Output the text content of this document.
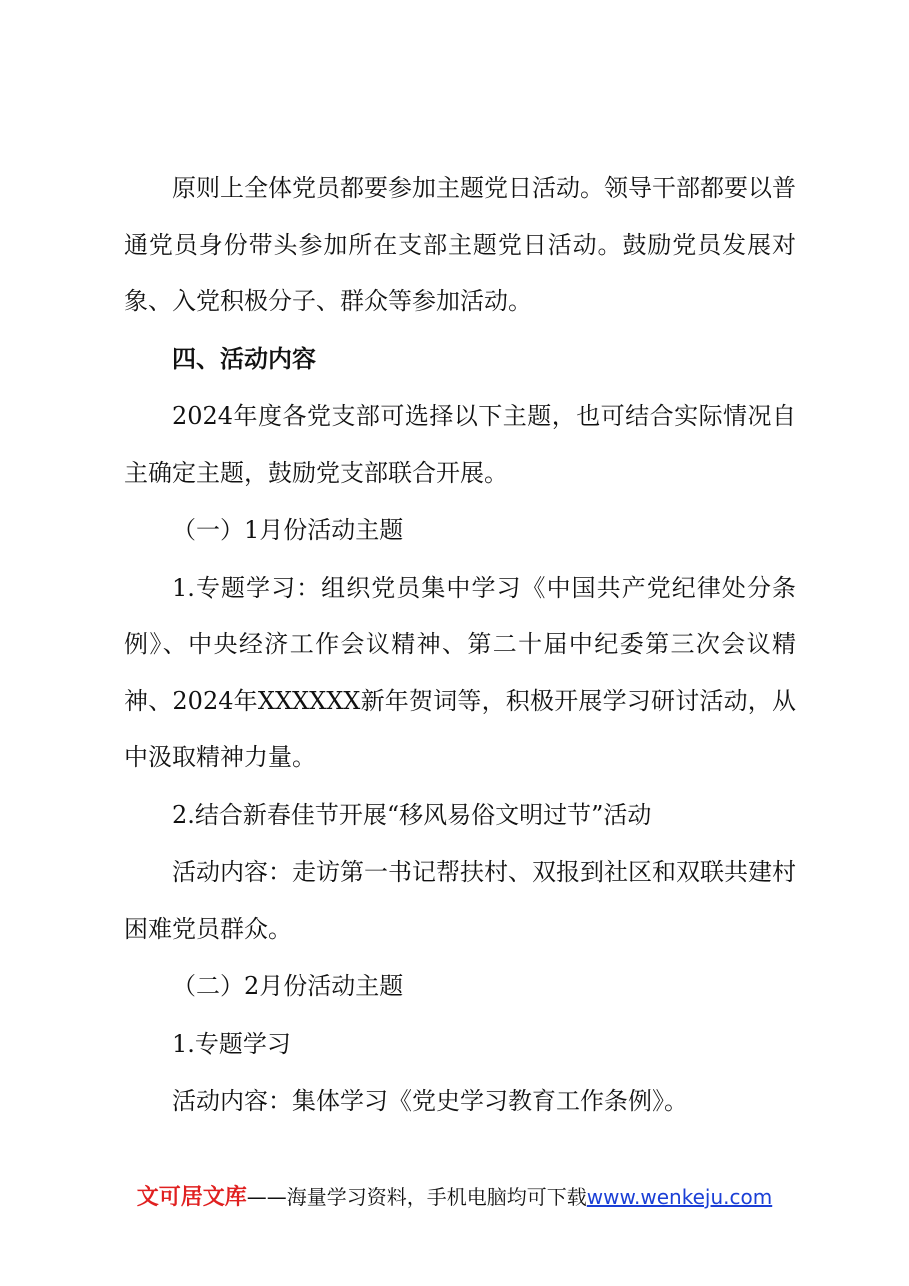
原则上全体党员都要参加主题党日活动。领导干部都要以普通党员身份带头参加所在支部主题党日活动。鼓励党员发展对象、入党积极分子、群众等参加活动。

四、活动内容

2024年度各党支部可选择以下主题，也可结合实际情况自主确定主题，鼓励党支部联合开展。

（一）1月份活动主题

1.专题学习：组织党员集中学习《中国共产党纪律处分条例》、中央经济工作会议精神、第二十届中纪委第三次会议精神、2024年XXXXXX新年贺词等，积极开展学习研讨活动，从中汲取精神力量。

2.结合新春佳节开展“移风易俗文明过节”活动

活动内容：走访第一书记帮扶村、双报到社区和双联共建村困难党员群众。

（二）2月份活动主题

1.专题学习

活动内容：集体学习《党史学习教育工作条例》。

文可居文库——海量学习资料，手机电脑均可下载www.wenkeju.com
